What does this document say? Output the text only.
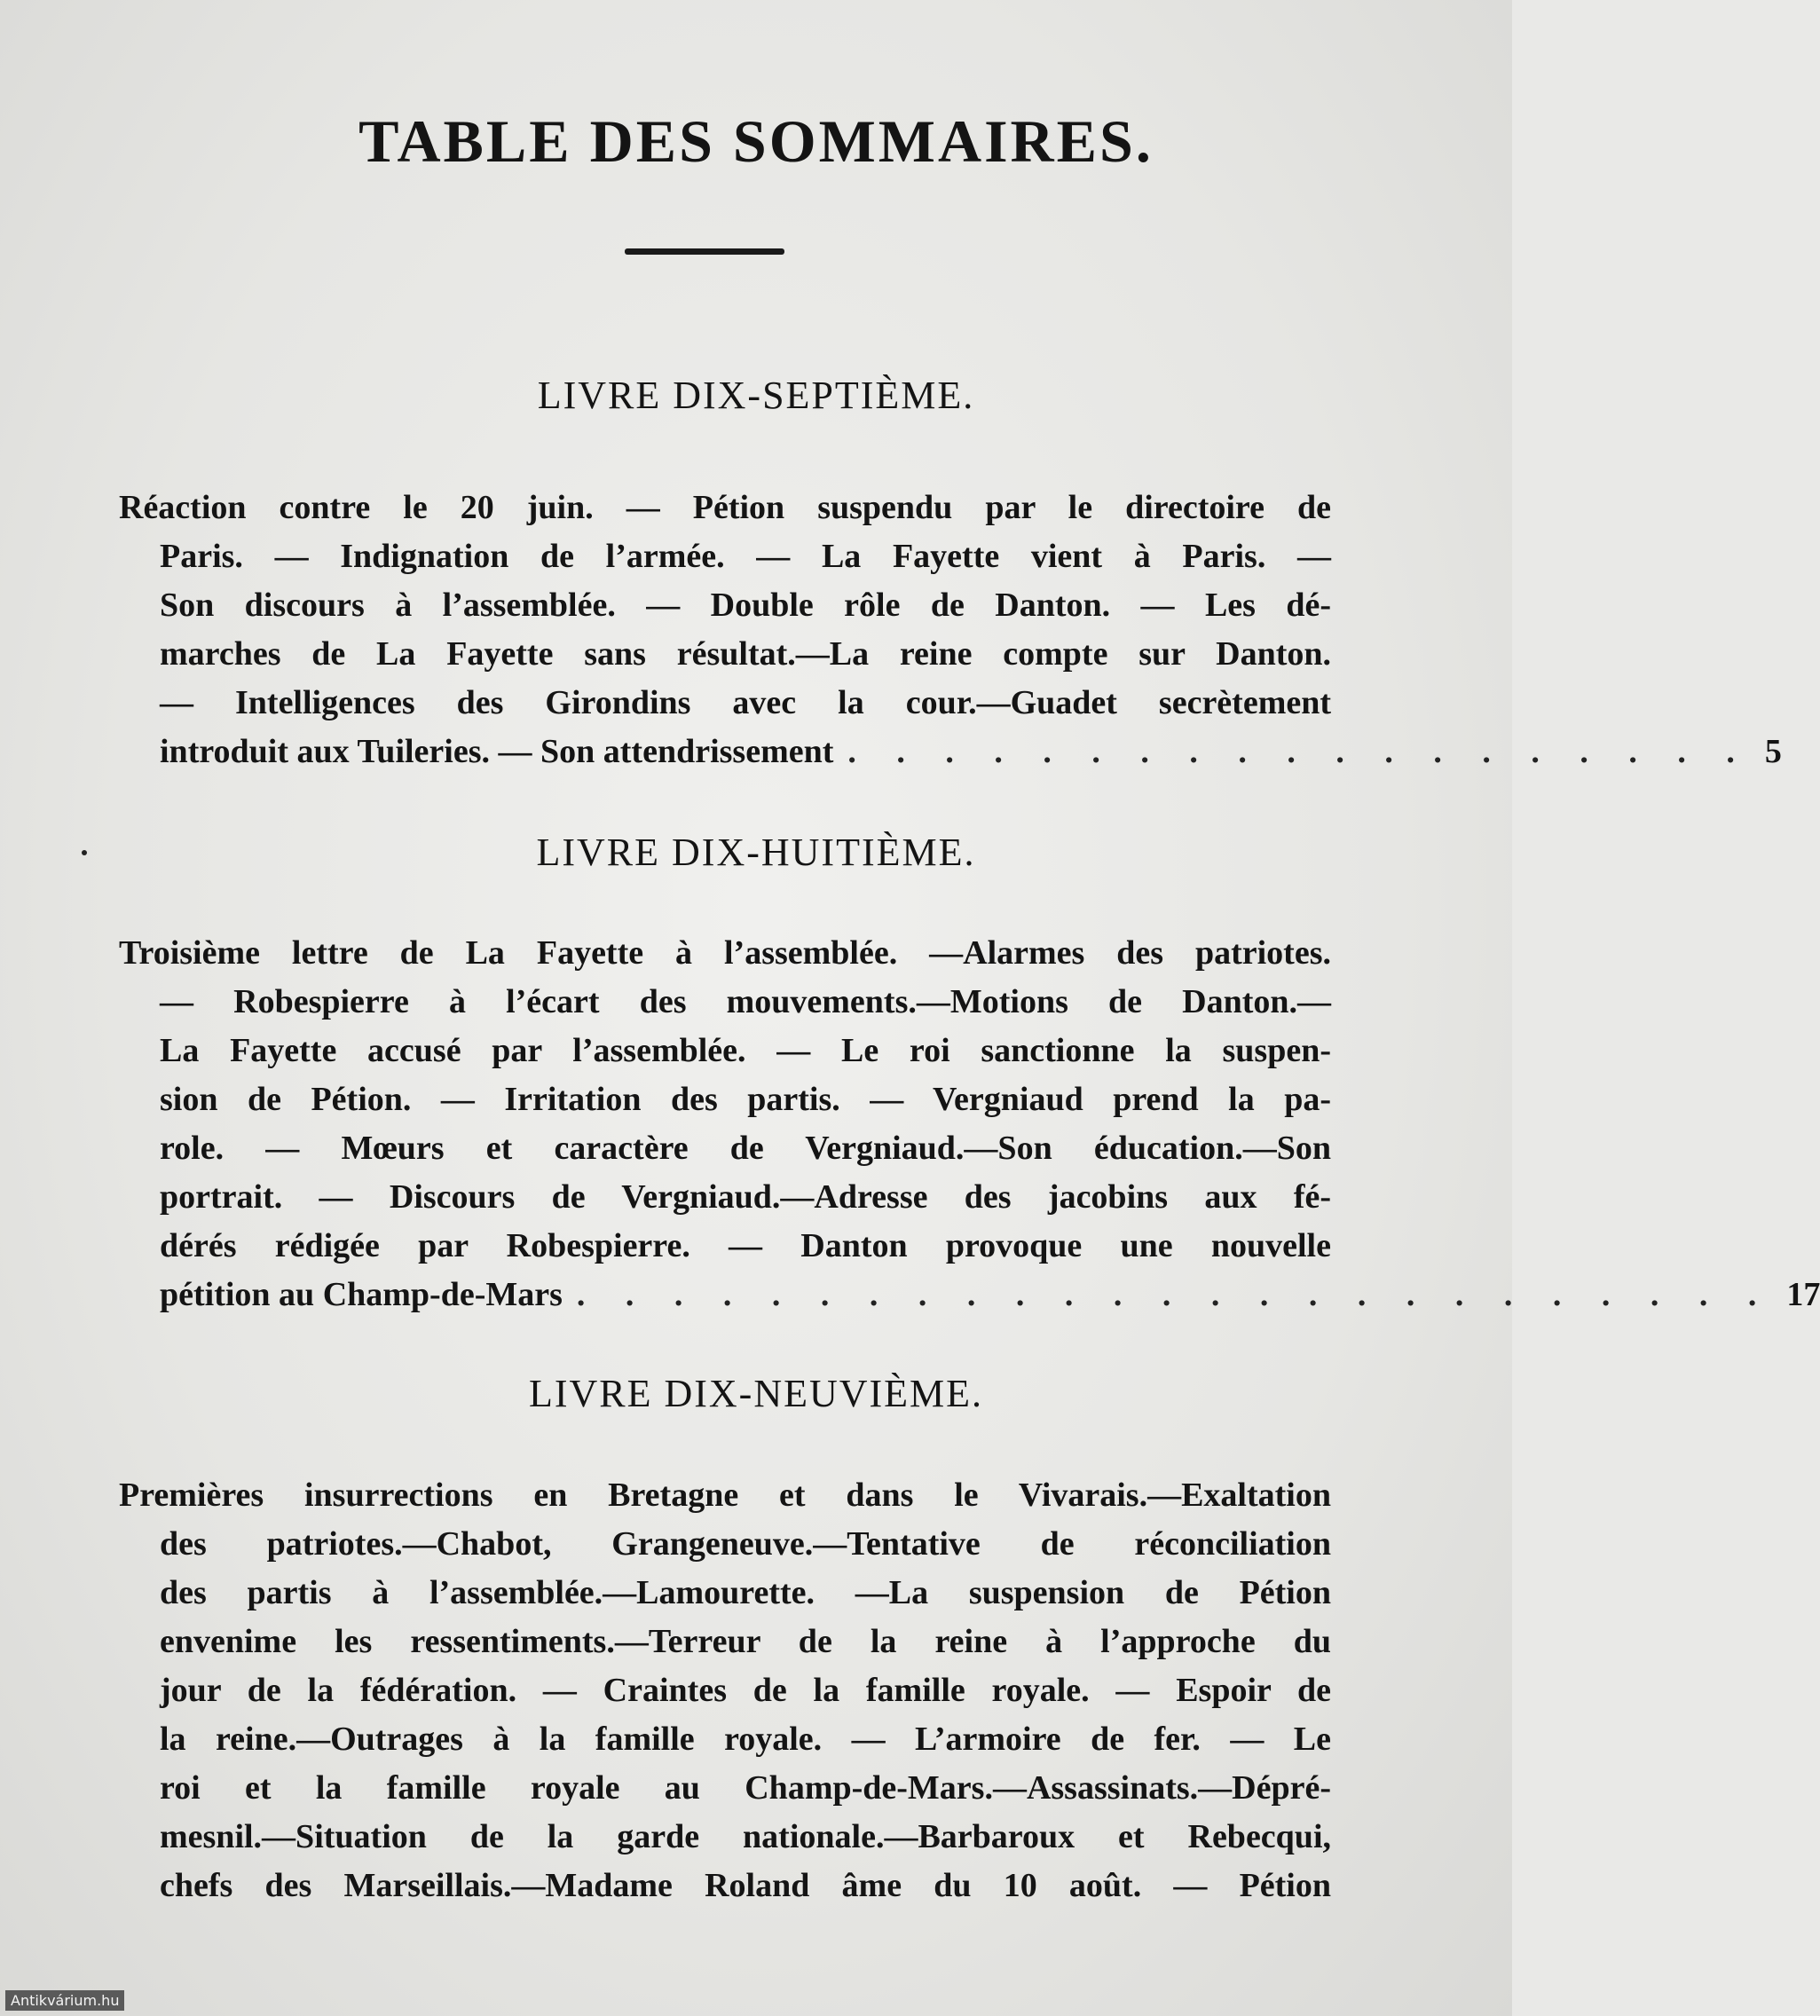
TABLE DES SOMMAIRES.
LIVRE DIX-SEPTIÈME.
Réaction contre le 20 juin. — Pétion suspendu par le directoire de
Paris. — Indignation de l’armée. — La Fayette vient à Paris. —
Son discours à l’assemblée. — Double rôle de Danton. — Les dé-
marches de La Fayette sans résultat.—La reine compte sur Danton.
— Intelligences des Girondins avec la cour.—Guadet secrètement
introduit aux Tuileries. — Son attendrissement . . . . . . . . . . . . . . . . . . . 5
LIVRE DIX-HUITIÈME.
Troisième lettre de La Fayette à l’assemblée. —Alarmes des patriotes.
— Robespierre à l’écart des mouvements.—Motions de Danton.—
La Fayette accusé par l’assemblée. — Le roi sanctionne la suspen-
sion de Pétion. — Irritation des partis. — Vergniaud prend la pa-
role. — Mœurs et caractère de Vergniaud.—Son éducation.—Son
portrait. — Discours de Vergniaud.—Adresse des jacobins aux fé-
dérés rédigée par Robespierre. — Danton provoque une nouvelle
pétition au Champ-de-Mars . . . . . . . . . . . . . . . . . . . . . . . . . 17
LIVRE DIX-NEUVIÈME.
Premières insurrections en Bretagne et dans le Vivarais.—Exaltation
des patriotes.—Chabot, Grangeneuve.—Tentative de réconciliation
des partis à l’assemblée.—Lamourette. —La suspension de Pétion
envenime les ressentiments.—Terreur de la reine à l’approche du
jour de la fédération. — Craintes de la famille royale. — Espoir de
la reine.—Outrages à la famille royale. — L’armoire de fer. — Le
roi et la famille royale au Champ-de-Mars.—Assassinats.—Dépré-
mesnil.—Situation de la garde nationale.—Barbaroux et Rebecqui,
chefs des Marseillais.—Madame Roland âme du 10 août. — Pétion
Antikvárium.hu
